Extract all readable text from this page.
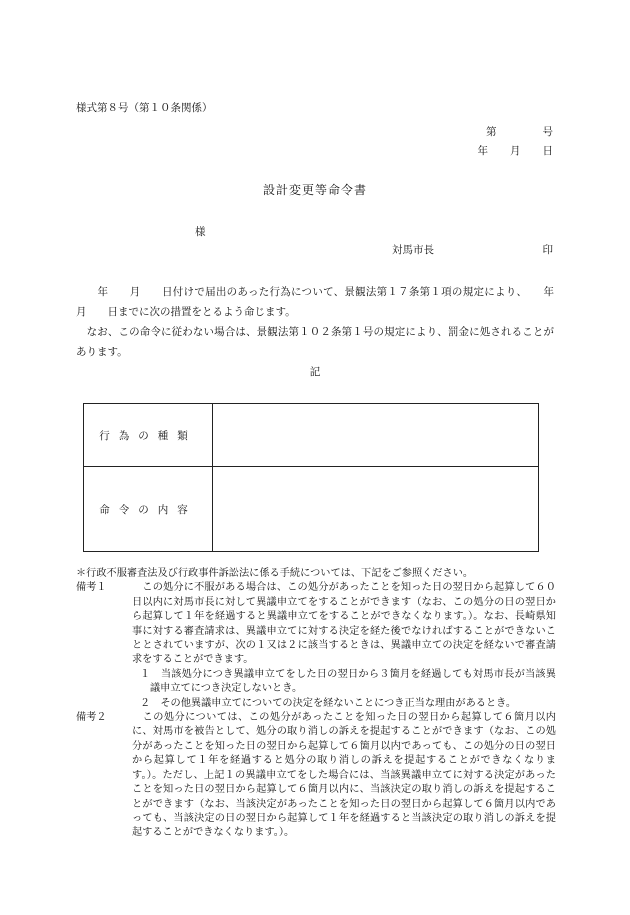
様式第８号（第１０条関係）
第	号
年 月 日
設計変更等命令書
様
対馬市長	印

　　年　　月　　日付けで届出のあった行為について、景観法第１７条第１項の規定により、　　年　　月　　日までに次の措置をとるよう命じます。

　なお、この命令に従わない場合は、景観法第１０２条第１号の規定により、罰金に処されることがあります。

記
行為の種類	
命令の内容	

＊行政不服審査法及び行政事件訴訟法に係る手続については、下記をご参照ください。

備考１	　この処分に不服がある場合は、この処分があったことを知った日の翌日から起算して６０日以内に対馬市長に対して異議申立てをすることができます（なお、この処分の日の翌日から起算して１年を経過すると異議申立てをすることができなくなります。）。なお、長崎県知事に対する審査請求は、異議申立てに対する決定を経た後でなければすることができないこととされていますが、次の１又は２に該当するときは、異議申立ての決定を経ないで審査請求をすることができます。
１　当該処分につき異議申立てをした日の翌日から３箇月を経過しても対馬市長が当該異議申立てにつき決定しないとき。
２　その他異議申立てについての決定を経ないことにつき正当な理由があるとき。
備考２	　この処分については、この処分があったことを知った日の翌日から起算して６箇月以内に、対馬市を被告として、処分の取り消しの訴えを提起することができます（なお、この処分があったことを知った日の翌日から起算して６箇月以内であっても、この処分の日の翌日から起算して１年を経過すると処分の取り消しの訴えを提起することができなくなります。）。ただし、上記１の異議申立てをした場合には、当該異議申立てに対する決定があったことを知った日の翌日から起算して６箇月以内に、当該決定の取り消しの訴えを提起することができます（なお、当該決定があったことを知った日の翌日から起算して６箇月以内であっても、当該決定の日の翌日から起算して１年を経過すると当該決定の取り消しの訴えを提起することができなくなります。）。
